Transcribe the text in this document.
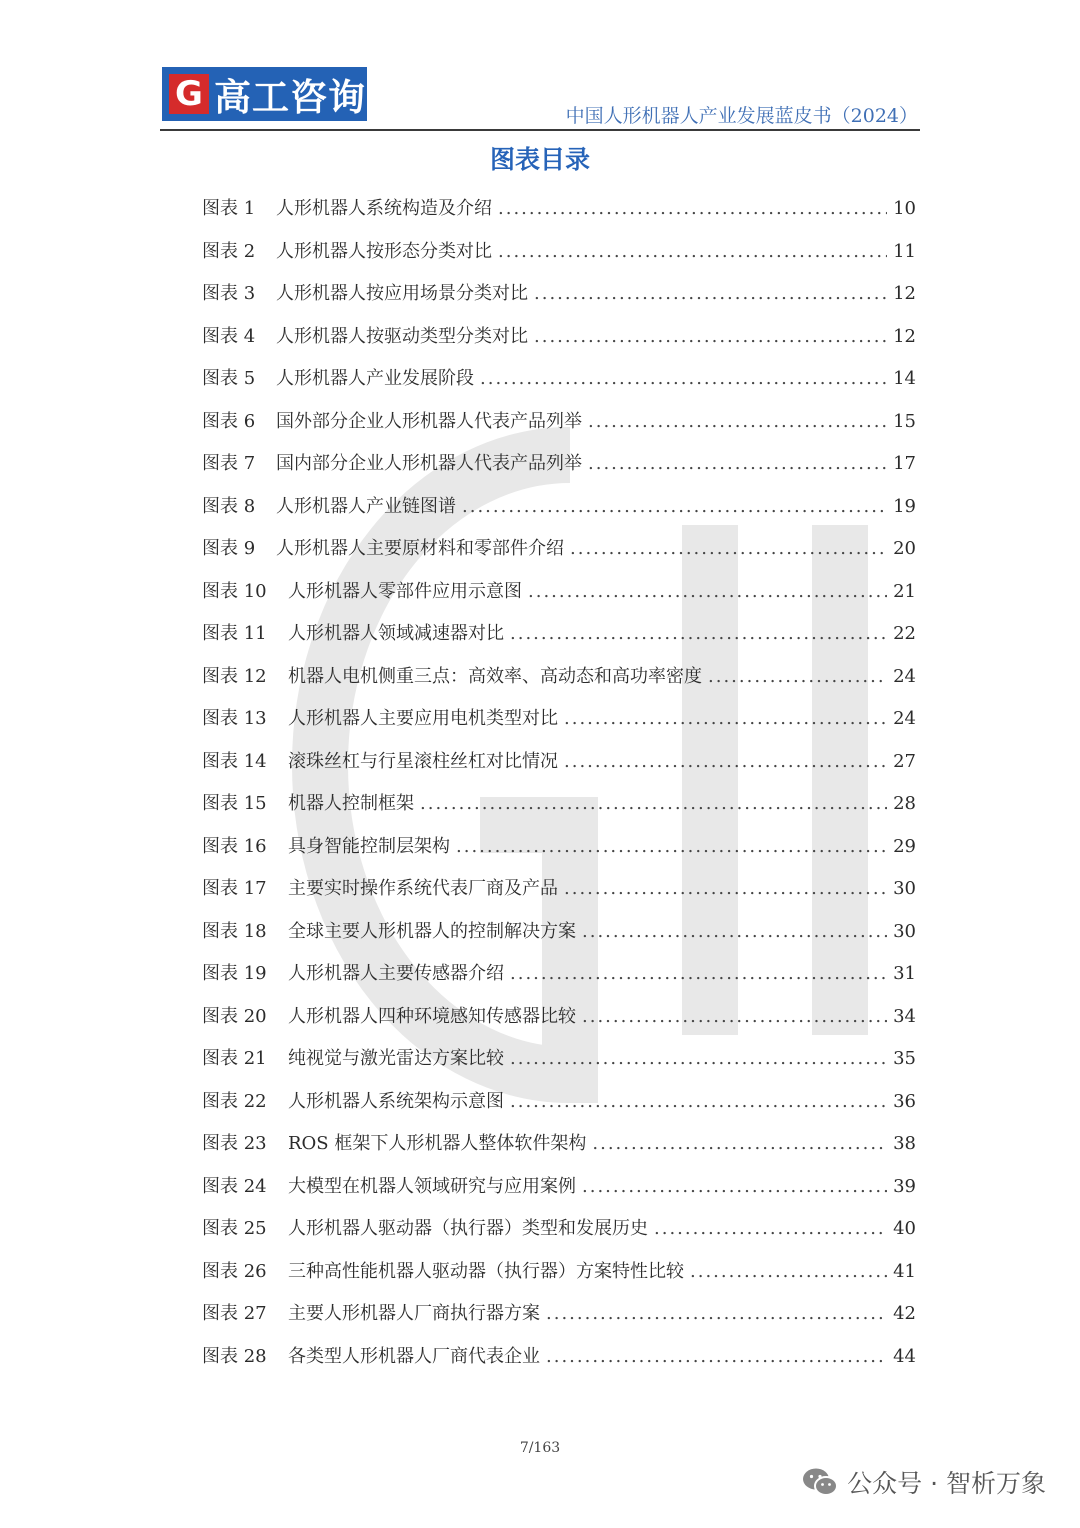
G 高工咨询	中国人形机器人产业发展蓝皮书（2024）
图表目录
图表 1	人形机器人系统构造及介绍 .....	10
图表 2	人形机器人按形态分类对比 .....	11
图表 3	人形机器人按应用场景分类对比 .....	12
图表 4	人形机器人按驱动类型分类对比 .....	12
图表 5	人形机器人产业发展阶段 .....	14
图表 6	国外部分企业人形机器人代表产品列举 .....	15
图表 7	国内部分企业人形机器人代表产品列举 .....	17
图表 8	人形机器人产业链图谱 .....	19
图表 9	人形机器人主要原材料和零部件介绍 .....	20
图表 10	人形机器人零部件应用示意图 .....	21
图表 11	人形机器人领域减速器对比 .....	22
图表 12	机器人电机侧重三点：高效率、高动态和高功率密度 .....	24
图表 13	人形机器人主要应用电机类型对比 .....	24
图表 14	滚珠丝杠与行星滚柱丝杠对比情况 .....	27
图表 15	机器人控制框架 .....	28
图表 16	具身智能控制层架构 .....	29
图表 17	主要实时操作系统代表厂商及产品 .....	30
图表 18	全球主要人形机器人的控制解决方案 .....	30
图表 19	人形机器人主要传感器介绍 .....	31
图表 20	人形机器人四种环境感知传感器比较 .....	34
图表 21	纯视觉与激光雷达方案比较 .....	35
图表 22	人形机器人系统架构示意图 .....	36
图表 23	ROS 框架下人形机器人整体软件架构 .....	38
图表 24	大模型在机器人领域研究与应用案例 .....	39
图表 25	人形机器人驱动器（执行器）类型和发展历史 .....	40
图表 26	三种高性能机器人驱动器（执行器）方案特性比较 .....	41
图表 27	主要人形机器人厂商执行器方案 .....	42
图表 28	各类型人形机器人厂商代表企业 .....	44
7/163
公众号 · 智析万象
